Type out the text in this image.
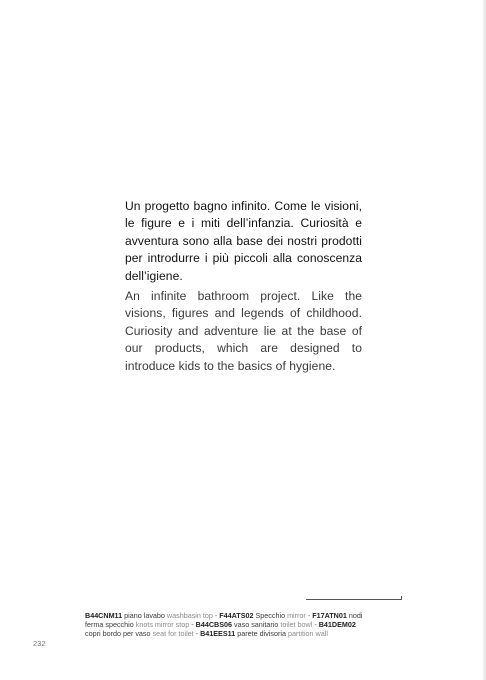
Un progetto bagno infinito. Come le visioni, le figure e i miti dell’infanzia. Curiosità e avventura sono alla base dei nostri prodotti per introdurre i più piccoli alla conoscenza dell’igiene.

An infinite bathroom project. Like the visions, figures and legends of childhood. Curiosity and adventure lie at the base of our products, which are designed to introduce kids to the basics of hygiene.

B44CNM11 piano lavabo washbasin top - F44ATS02 Specchio mirror - F17ATN01 nodi
ferma specchio knots mirror stop - B44CBS06 vaso sanitario toilet bowl - B41DEM02
copri bordo per vaso seat for toilet - B41EES11 parete divisoria partition wall
232
